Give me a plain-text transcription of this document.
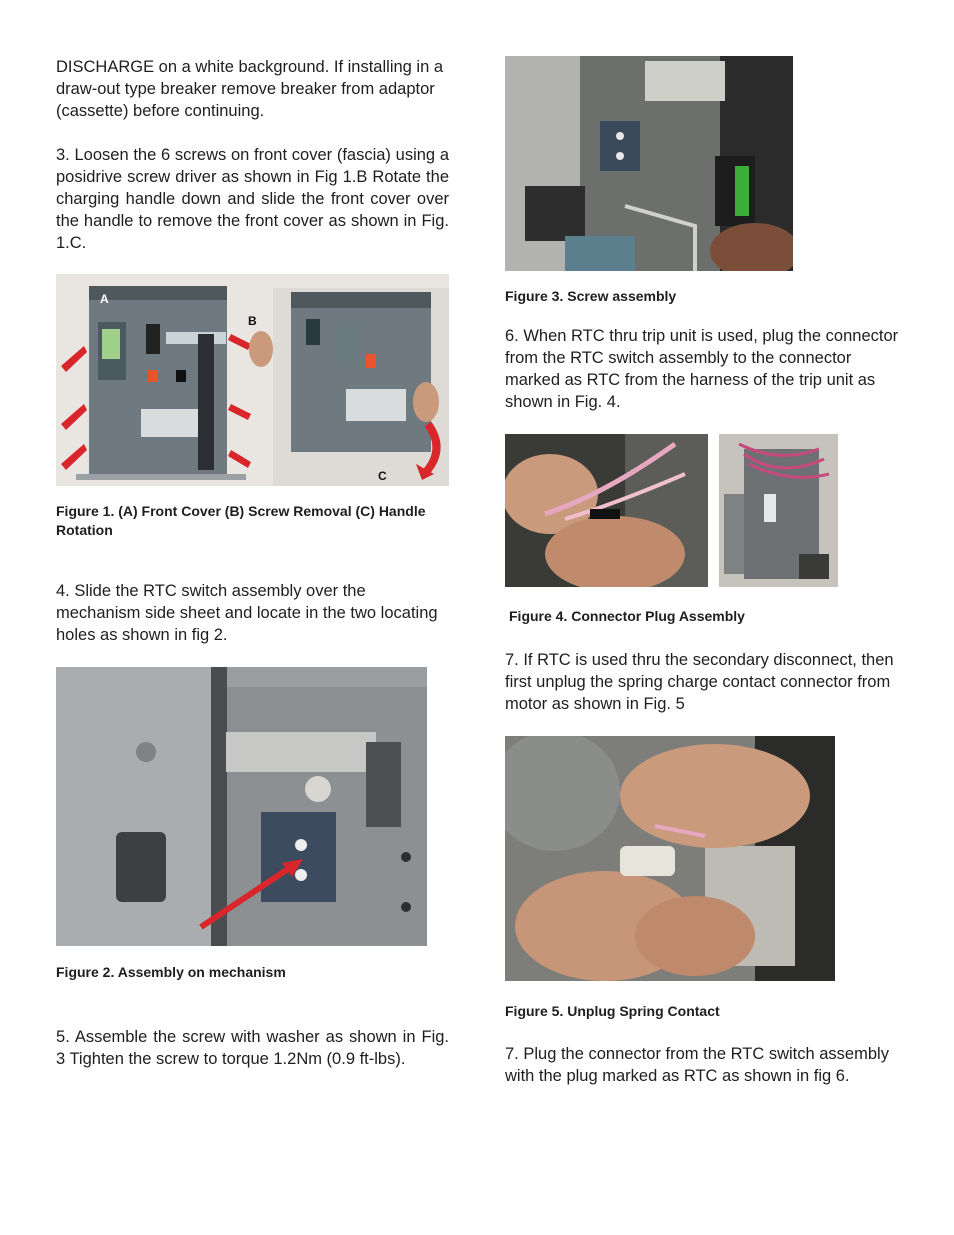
DISCHARGE on a white background. If installing in a draw-out type breaker remove breaker from adaptor (cassette) before continuing.

3. Loosen the 6 screws on front cover (fascia) using a posidrive screw driver as shown in Fig 1.B Rotate the charging handle down and slide the front cover over the handle to remove the front cover as shown in Fig. 1.C.

A
B
C

Figure 1. (A) Front Cover (B) Screw Removal (C) Handle Rotation

4. Slide the RTC switch assembly over the mechanism side sheet and locate in the two locating holes as shown in fig 2.

Figure 2. Assembly on mechanism

5. Assemble the screw with washer as shown in Fig. 3 Tighten the screw to torque 1.2Nm (0.9 ft-lbs).

Figure 3. Screw assembly

6. When RTC thru trip unit is used, plug the connector from the RTC switch assembly to the connector marked as RTC from the harness of the trip unit as shown in Fig. 4.

Figure 4. Connector Plug Assembly

7. If RTC is used thru the secondary disconnect, then first unplug the spring charge contact connector from motor as shown in Fig. 5

Figure 5. Unplug Spring Contact

7. Plug the connector from the RTC switch assembly with the plug marked as RTC as shown in fig 6.
